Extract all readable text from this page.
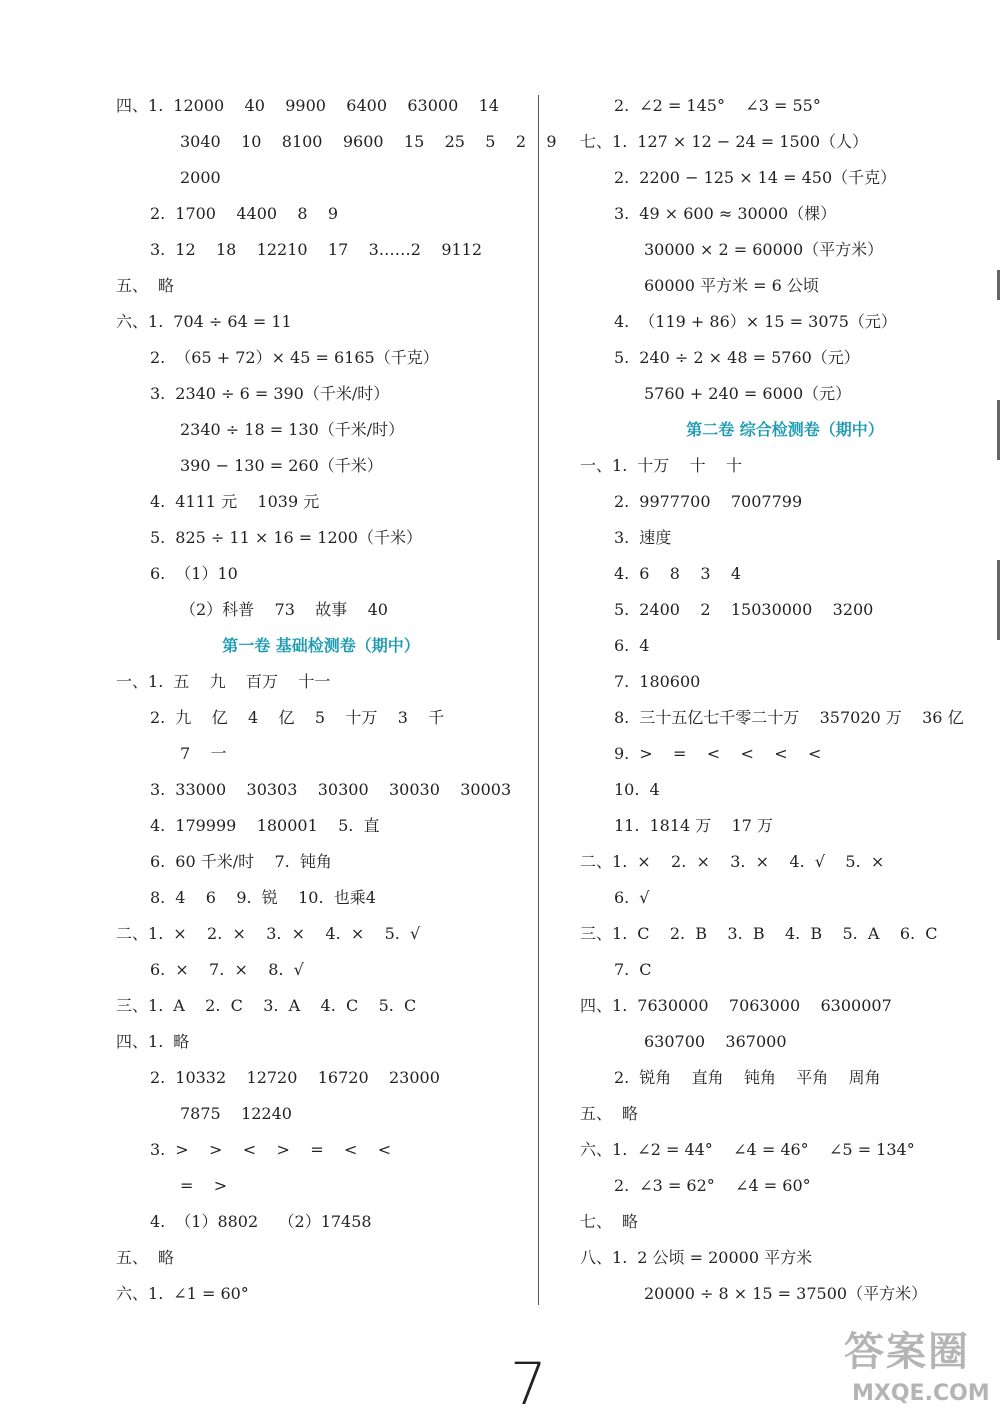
四、1. 12000    40    9900    6400    63000    14
3040    10    8100    9600    15    25    5    2    9
2000
2. 1700    4400    8    9
3. 12    18    12210    17    3……2    9112
五、 略
六、1. 704 ÷ 64 = 11
2. （65 + 72）× 45 = 6165（千克）
3. 2340 ÷ 6 = 390（千米/时）
2340 ÷ 18 = 130（千米/时）
390 − 130 = 260（千米）
4. 4111 元    1039 元
5. 825 ÷ 11 × 16 = 1200（千米）
6. （1）10
（2）科普    73    故事    40
第一卷 基础检测卷（期中）
一、1. 五    九    百万    十一
2. 九    亿    4    亿    5    十万    3    千
7    一
3. 33000    30303    30300    30030    30003
4. 179999    180001    5.  直
6. 60 千米/时    7.  钝角
8. 4    6    9.  锐    10.  也乘4
二、1. ×    2.  ×    3.  ×    4.  ×    5.  √
6. ×    7.  ×    8.  √
三、1. A    2.  C    3.  A    4.  C    5.  C
四、1. 略
2. 10332    12720    16720    23000
7875    12240
3. >    >    <    >    =    <    <
=    >
4. （1）8802    （2）17458
五、 略
六、1. ∠1 = 60°
2. ∠2 = 145°    ∠3 = 55°
七、1. 127 × 12 − 24 = 1500（人）
2. 2200 − 125 × 14 = 450（千克）
3. 49 × 600 ≈ 30000（棵）
30000 × 2 = 60000（平方米）
60000 平方米 = 6 公顷
4. （119 + 86）× 15 = 3075（元）
5. 240 ÷ 2 × 48 = 5760（元）
5760 + 240 = 6000（元）
第二卷 综合检测卷（期中）
一、1. 十万    十    十
2. 9977700    7007799
3. 速度
4. 6    8    3    4
5. 2400    2    15030000    3200
6. 4
7. 180600
8. 三十五亿七千零二十万    357020 万    36 亿
9. >    =    <    <    <    <
10. 4
11. 1814 万    17 万
二、1. ×    2.  ×    3.  ×    4.  √    5.  ×
6. √
三、1. C    2.  B    3.  B    4.  B    5.  A    6.  C
7. C
四、1. 7630000    7063000    6300007
630700    367000
2. 锐角    直角    钝角    平角    周角
五、 略
六、1. ∠2 = 44°    ∠4 = 46°    ∠5 = 134°
2. ∠3 = 62°    ∠4 = 60°
七、 略
八、1. 2 公顷 = 20000 平方米
20000 ÷ 8 × 15 = 37500（平方米）
7	答案圈
MXQE.COM
